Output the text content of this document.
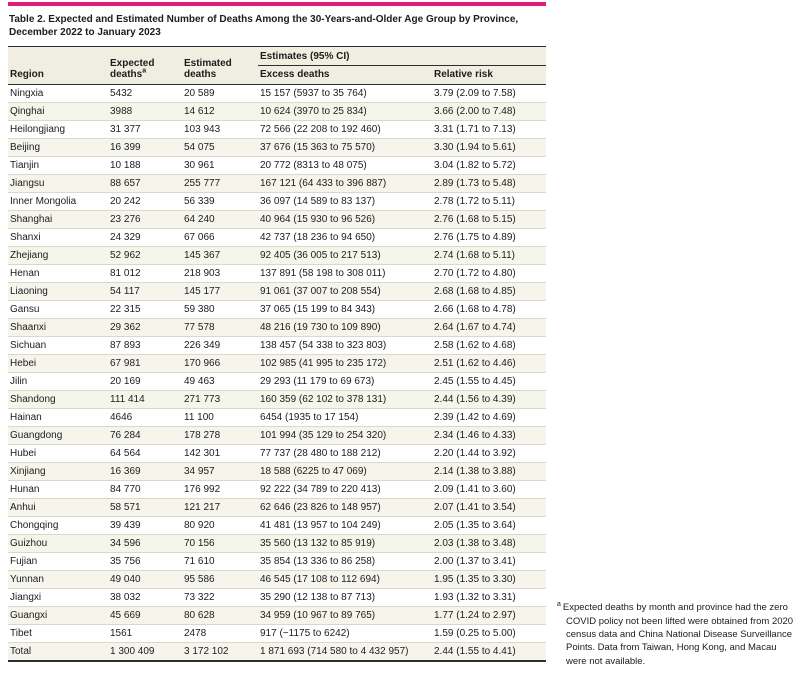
Table 2. Expected and Estimated Number of Deaths Among the 30-Years-and-Older Age Group by Province, December 2022 to January 2023
Region	Expected deaths$^a$	Estimated deaths	Estimates (95% CI)	
			Excess deaths	Relative risk
Ningxia	5432	20 589	15 157 (5937 to 35 764)	3.79 (2.09 to 7.58)
Qinghai	3988	14 612	10 624 (3970 to 25 834)	3.66 (2.00 to 7.48)
Heilongjiang	31 377	103 943	72 566 (22 208 to 192 460)	3.31 (1.71 to 7.13)
Beijing	16 399	54 075	37 676 (15 363 to 75 570)	3.30 (1.94 to 5.61)
Tianjin	10 188	30 961	20 772 (8313 to 48 075)	3.04 (1.82 to 5.72)
Jiangsu	88 657	255 777	167 121 (64 433 to 396 887)	2.89 (1.73 to 5.48)
Inner Mongolia	20 242	56 339	36 097 (14 589 to 83 137)	2.78 (1.72 to 5.11)
Shanghai	23 276	64 240	40 964 (15 930 to 96 526)	2.76 (1.68 to 5.15)
Shanxi	24 329	67 066	42 737 (18 236 to 94 650)	2.76 (1.75 to 4.89)
Zhejiang	52 962	145 367	92 405 (36 005 to 217 513)	2.74 (1.68 to 5.11)
Henan	81 012	218 903	137 891 (58 198 to 308 011)	2.70 (1.72 to 4.80)
Liaoning	54 117	145 177	91 061 (37 007 to 208 554)	2.68 (1.68 to 4.85)
Gansu	22 315	59 380	37 065 (15 199 to 84 343)	2.66 (1.68 to 4.78)
Shaanxi	29 362	77 578	48 216 (19 730 to 109 890)	2.64 (1.67 to 4.74)
Sichuan	87 893	226 349	138 457 (54 338 to 323 803)	2.58 (1.62 to 4.68)
Hebei	67 981	170 966	102 985 (41 995 to 235 172)	2.51 (1.62 to 4.46)
Jilin	20 169	49 463	29 293 (11 179 to 69 673)	2.45 (1.55 to 4.45)
Shandong	111 414	271 773	160 359 (62 102 to 378 131)	2.44 (1.56 to 4.39)
Hainan	4646	11 100	6454 (1935 to 17 154)	2.39 (1.42 to 4.69)
Guangdong	76 284	178 278	101 994 (35 129 to 254 320)	2.34 (1.46 to 4.33)
Hubei	64 564	142 301	77 737 (28 480 to 188 212)	2.20 (1.44 to 3.92)
Xinjiang	16 369	34 957	18 588 (6225 to 47 069)	2.14 (1.38 to 3.88)
Hunan	84 770	176 992	92 222 (34 789 to 220 413)	2.09 (1.41 to 3.60)
Anhui	58 571	121 217	62 646 (23 826 to 148 957)	2.07 (1.41 to 3.54)
Chongqing	39 439	80 920	41 481 (13 957 to 104 249)	2.05 (1.35 to 3.64)
Guizhou	34 596	70 156	35 560 (13 132 to 85 919)	2.03 (1.38 to 3.48)
Fujian	35 756	71 610	35 854 (13 336 to 86 258)	2.00 (1.37 to 3.41)
Yunnan	49 040	95 586	46 545 (17 108 to 112 694)	1.95 (1.35 to 3.30)
Jiangxi	38 032	73 322	35 290 (12 138 to 87 713)	1.93 (1.32 to 3.31)
Guangxi	45 669	80 628	34 959 (10 967 to 89 765)	1.77 (1.24 to 2.97)
Tibet	1561	2478	917 (−1175 to 6242)	1.59 (0.25 to 5.00)
Total	1 300 409	3 172 102	1 871 693 (714 580 to 4 432 957)	2.44 (1.55 to 4.41)
$^a$ Expected deaths by month and province had the zero COVID policy not been lifted were obtained from 2020 census data and China National Disease Surveillance Points. Data from Taiwan, Hong Kong, and Macau were not available.
